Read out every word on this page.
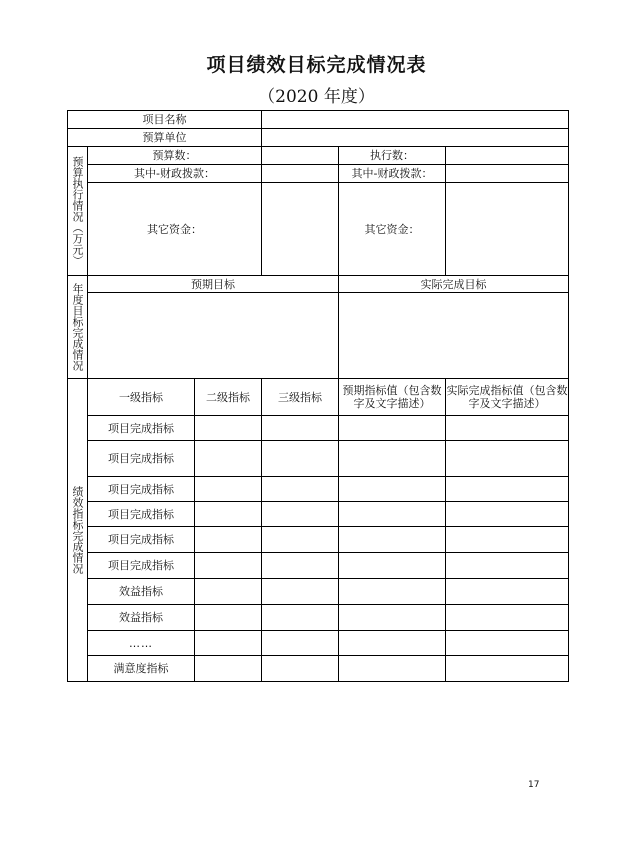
项目绩效目标完成情况表
（2020 年度）
项目名称					
预算单位					
预算执行情况（万元）	预算数：			执行数：	
	其中-财政拨款：			其中-财政拨款：	
	其它资金：			其它资金：	
年度目标完成情况	预期目标			实际完成目标	

绩效指标完成情况	一级指标	二级指标	三级指标	预期指标值（包含数字及文字描述）	实际完成指标值（包含数字及文字描述）
	项目完成指标				
	项目完成指标				
	项目完成指标				
	项目完成指标				
	项目完成指标				
	项目完成指标				
	效益指标				
	效益指标				
	……				
	满意度指标				
17
